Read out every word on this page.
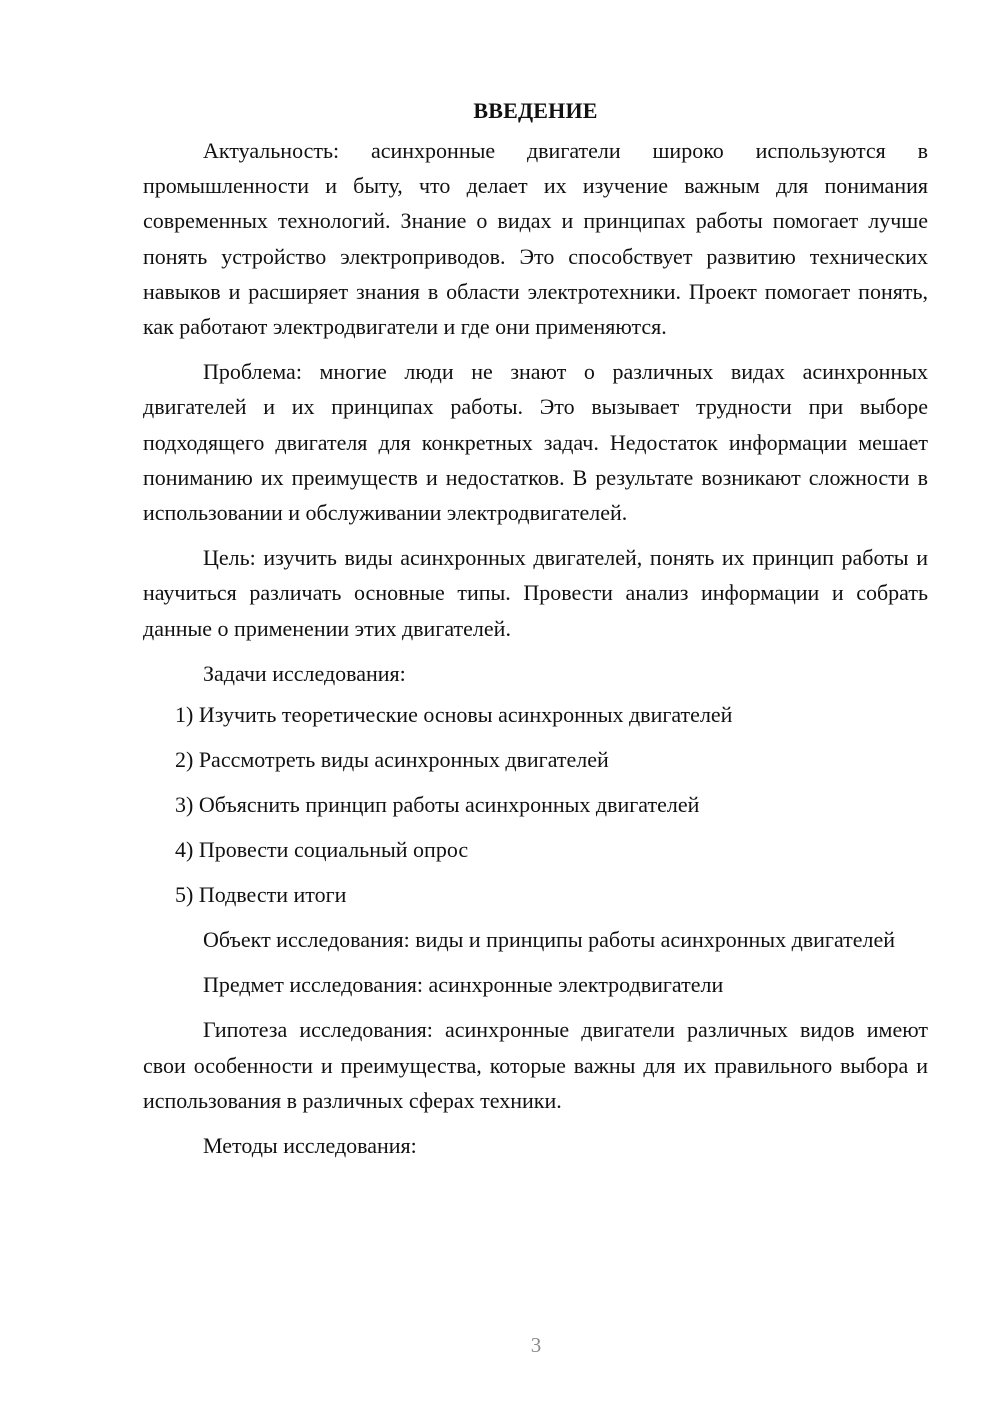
ВВЕДЕНИЕ

Актуальность: асинхронные двигатели широко используются в промышленности и быту, что делает их изучение важным для понимания современных технологий. Знание о видах и принципах работы помогает лучше понять устройство электроприводов. Это способствует развитию технических навыков и расширяет знания в области электротехники. Проект помогает понять, как работают электродвигатели и где они применяются.

Проблема: многие люди не знают о различных видах асинхронных двигателей и их принципах работы. Это вызывает трудности при выборе подходящего двигателя для конкретных задач. Недостаток информации мешает пониманию их преимуществ и недостатков. В результате возникают сложности в использовании и обслуживании электродвигателей.

Цель: изучить виды асинхронных двигателей, понять их принцип работы и научиться различать основные типы. Провести анализ информации и собрать данные о применении этих двигателей.

Задачи исследования:

1) Изучить теоретические основы асинхронных двигателей
2) Рассмотреть виды асинхронных двигателей
3) Объяснить принцип работы асинхронных двигателей
4) Провести социальный опрос
5) Подвести итоги

Объект исследования: виды и принципы работы асинхронных двигателей

Предмет исследования: асинхронные электродвигатели

Гипотеза исследования: асинхронные двигатели различных видов имеют свои особенности и преимущества, которые важны для их правильного выбора и использования в различных сферах техники.

Методы исследования:

3
